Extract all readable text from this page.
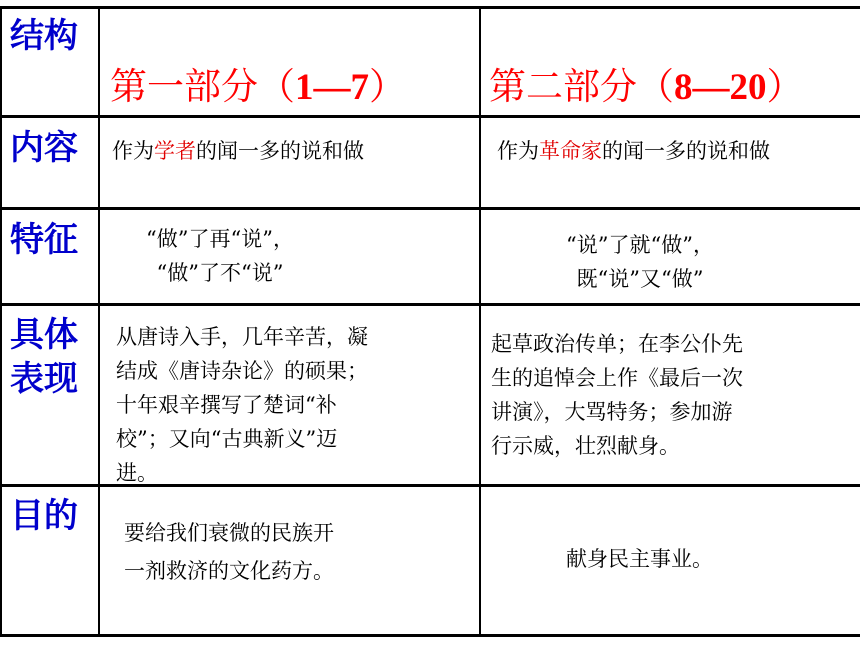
结构
内容
特征
具体
表现
目的
第一部分（1—7） 第二部分（8—20）
作为学者的闻一多的说和做	作为革命家的闻一多的说和做
“做”了再“说”，
“做”了不“说”
“说”了就“做”，
既“说”又“做”
从唐诗入手，几年辛苦，凝
结成《唐诗杂论》的硕果；
十年艰辛撰写了楚词“补
校”；又向“古典新义”迈
进。
起草政治传单；在李公仆先
生的追悼会上作《最后一次
讲演》，大骂特务；参加游
行示威，壮烈献身。
要给我们衰微的民族开
一剂救济的文化药方。	献身民主事业。
